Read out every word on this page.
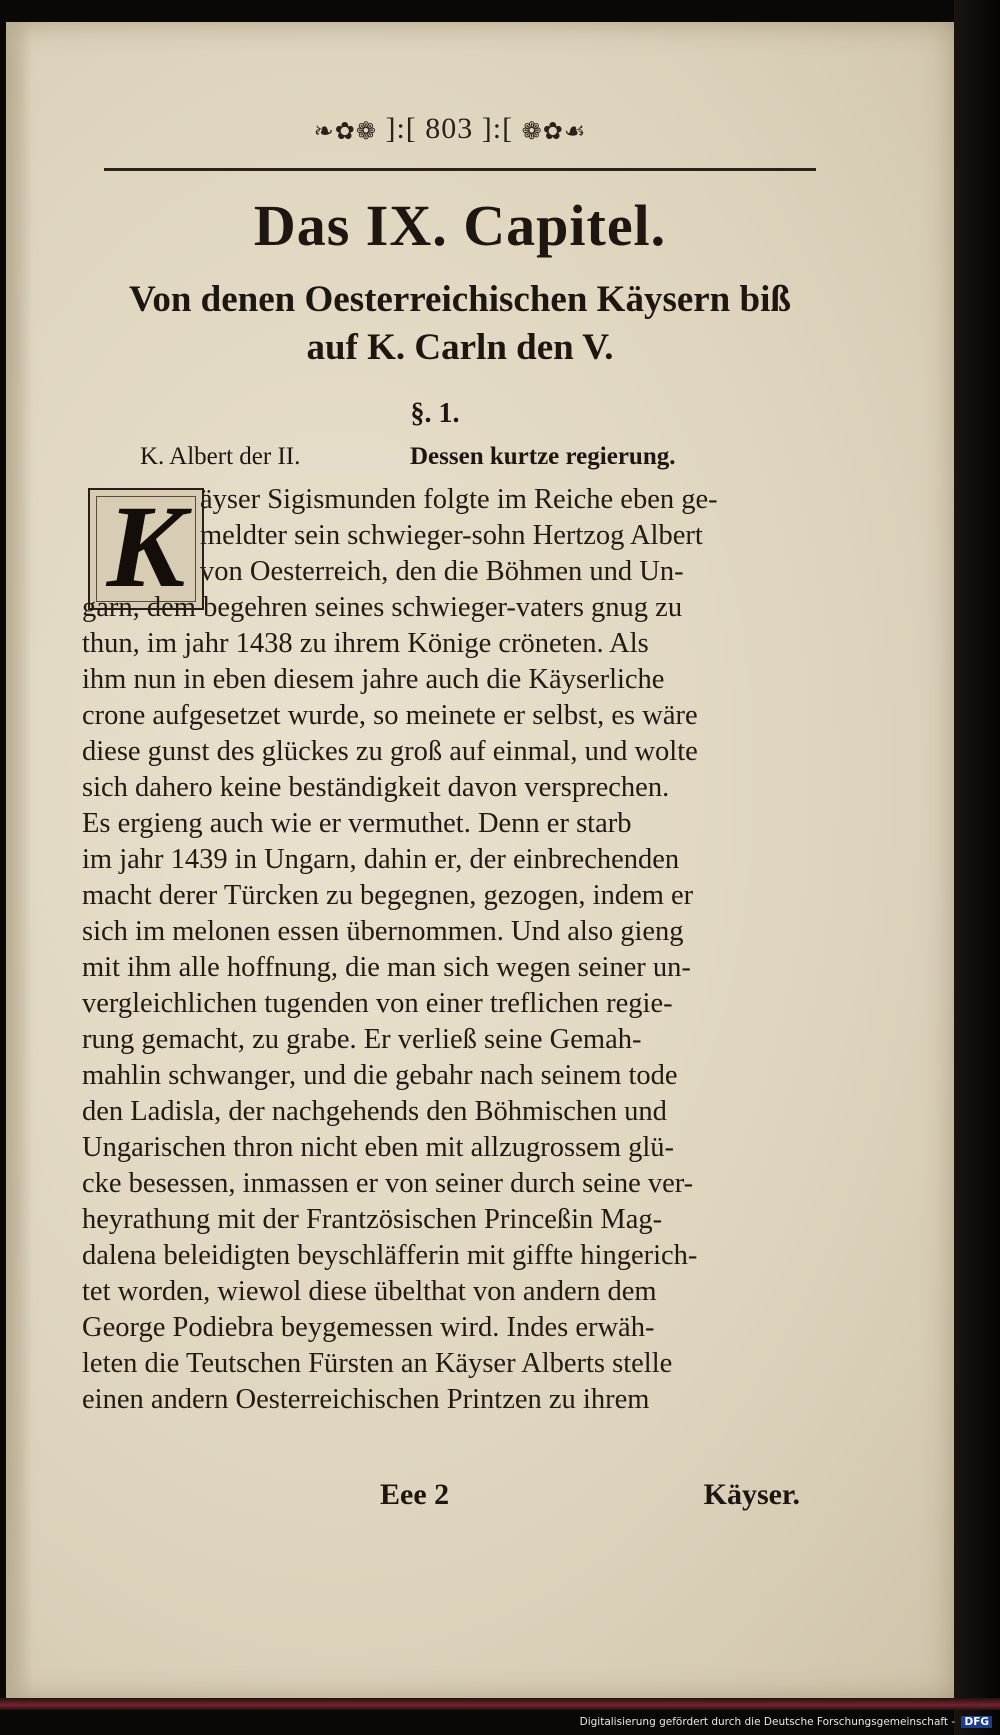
❧✿❁ ]:[ 803 ]:[ ❁✿☙
Das IX. Capitel.
Von denen Oesterreichischen Käysern biß
auf K. Carln den V.
§. 1.
K. Albert der II.	Dessen kurtze regierung.
K äyser Sigismunden folgte im Reiche eben ge-
meldter sein schwieger-sohn Hertzog Albert
von Oesterreich, den die Böhmen und Un-
garn, dem begehren seines schwieger-vaters gnug zu
thun, im jahr 1438 zu ihrem Könige cröneten. Als
ihm nun in eben diesem jahre auch die Käyserliche
crone aufgesetzet wurde, so meinete er selbst, es wäre
diese gunst des glückes zu groß auf einmal, und wolte
sich dahero keine beständigkeit davon versprechen.
Es ergieng auch wie er vermuthet. Denn er starb
im jahr 1439 in Ungarn, dahin er, der einbrechenden
macht derer Türcken zu begegnen, gezogen, indem er
sich im melonen essen übernommen. Und also gieng
mit ihm alle hoffnung, die man sich wegen seiner un-
vergleichlichen tugenden von einer treflichen regie-
rung gemacht, zu grabe. Er verließ seine Gemah-
mahlin schwanger, und die gebahr nach seinem tode
den Ladisla, der nachgehends den Böhmischen und
Ungarischen thron nicht eben mit allzugrossem glü-
cke besessen, inmassen er von seiner durch seine ver-
heyrathung mit der Frantzösischen Princeßin Mag-
dalena beleidigten beyschläfferin mit giffte hingerich-
tet worden, wiewol diese übelthat von andern dem
George Podiebra beygemessen wird. Indes erwäh-
leten die Teutschen Fürsten an Käyser Alberts stelle
einen andern Oesterreichischen Printzen zu ihrem
Eee 2	Käyser.
Digitalisierung gefördert durch die Deutsche Forschungsgemeinschaft - DFG
